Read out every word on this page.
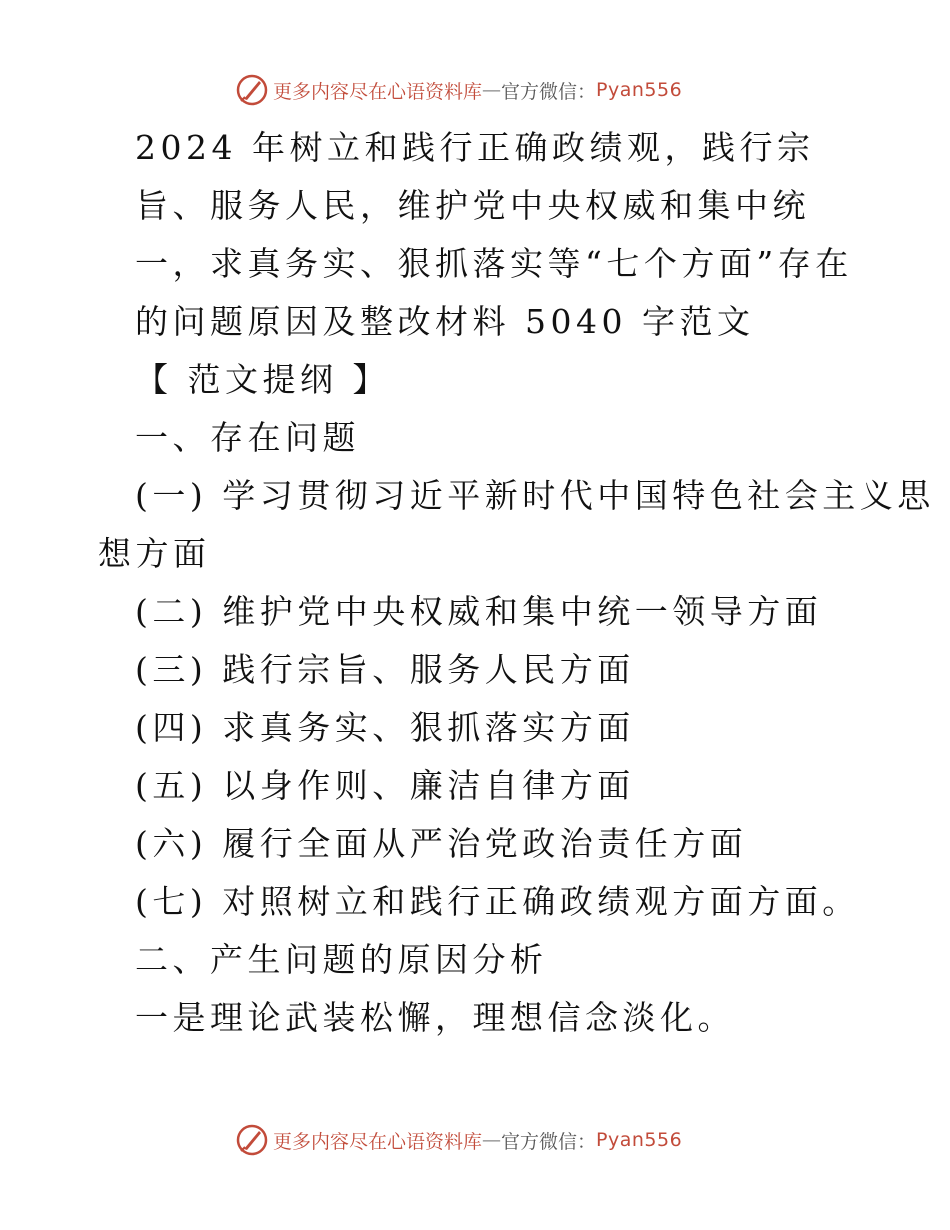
更多内容尽在心语资料库 — 官方微信： Pyan556
2024 年树立和践行正确政绩观，践行宗
旨、服务人民，维护党中央权威和集中统
一，求真务实、狠抓落实等“七个方面”存在
的问题原因及整改材料 5040 字范文
【 范文提纲 】
一、存在问题
(一) 学习贯彻习近平新时代中国特色社会主义思
想方面
(二) 维护党中央权威和集中统一领导方面
(三) 践行宗旨、服务人民方面
(四) 求真务实、狠抓落实方面
(五) 以身作则、廉洁自律方面
(六) 履行全面从严治党政治责任方面
(七) 对照树立和践行正确政绩观方面方面。
二、产生问题的原因分析
一是理论武装松懈，理想信念淡化。
更多内容尽在心语资料库 — 官方微信： Pyan556
